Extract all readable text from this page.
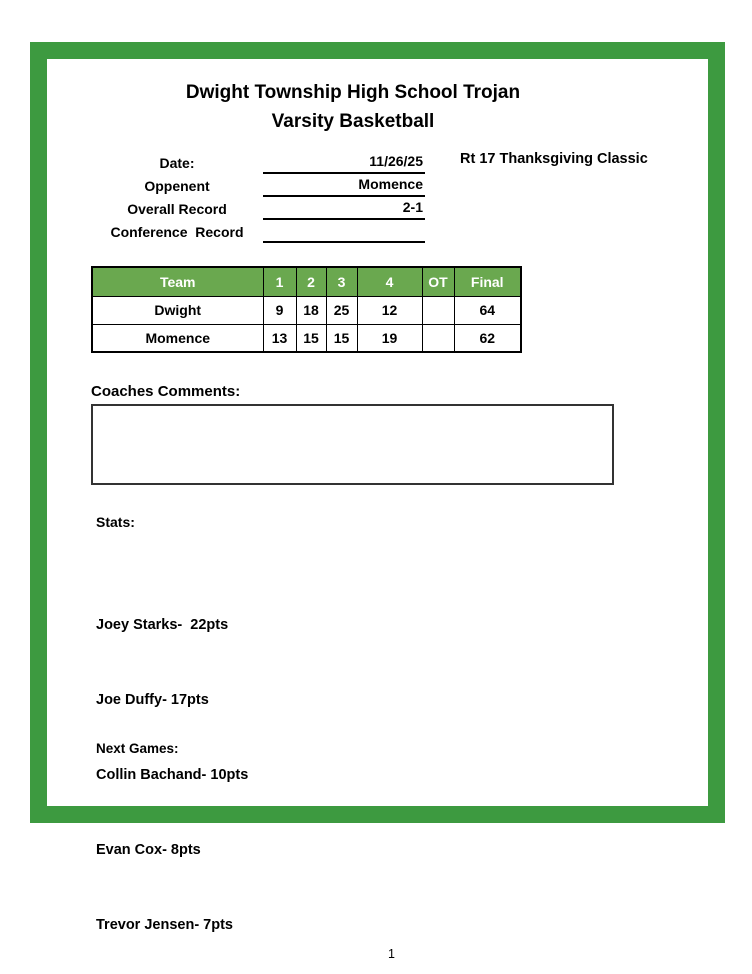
Dwight Township High School Trojan
Varsity Basketball
Date:	11/26/25
Oppenent	Momence
Overall Record	2-1
Conference  Record
Rt 17 Thanksgiving Classic
Team	1	2	3	4	OT	Final
Dwight	9	18	25	12		64
Momence	13	15	15	19		62
Coaches Comments:
Stats:

Joey Starks-  22pts

Joe Duffy- 17pts

Collin Bachand- 10pts

Evan Cox- 8pts

Trevor Jensen- 7pts

Next Games:
1
